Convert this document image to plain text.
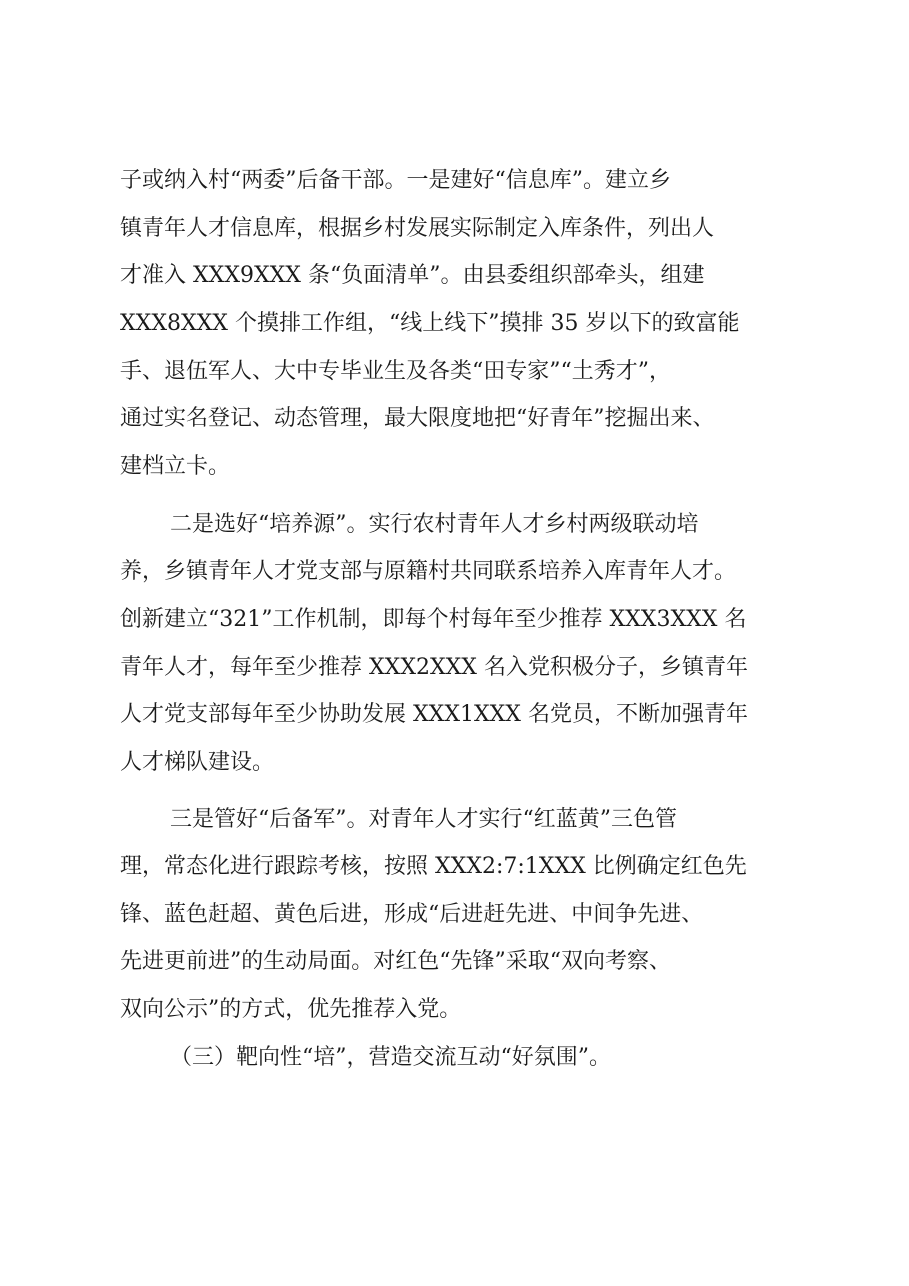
子或纳入村“两委”后备干部。一是建好“信息库”。建立乡
镇青年人才信息库，根据乡村发展实际制定入库条件，列出人
才准入 XXX9XXX 条“负面清单”。由县委组织部牵头，组建
XXX8XXX 个摸排工作组，“线上线下”摸排 35 岁以下的致富能
手、退伍军人、大中专毕业生及各类“田专家”“土秀才”，
通过实名登记、动态管理，最大限度地把“好青年”挖掘出来、
建档立卡。
二是选好“培养源”。实行农村青年人才乡村两级联动培
养，乡镇青年人才党支部与原籍村共同联系培养入库青年人才。
创新建立“321”工作机制，即每个村每年至少推荐 XXX3XXX 名
青年人才，每年至少推荐 XXX2XXX 名入党积极分子，乡镇青年
人才党支部每年至少协助发展 XXX1XXX 名党员，不断加强青年
人才梯队建设。
三是管好“后备军”。对青年人才实行“红蓝黄”三色管
理，常态化进行跟踪考核，按照 XXX2:7:1XXX 比例确定红色先
锋、蓝色赶超、黄色后进，形成“后进赶先进、中间争先进、
先进更前进”的生动局面。对红色“先锋”采取“双向考察、
双向公示”的方式，优先推荐入党。
（三）靶向性“培”，营造交流互动“好氛围”。
